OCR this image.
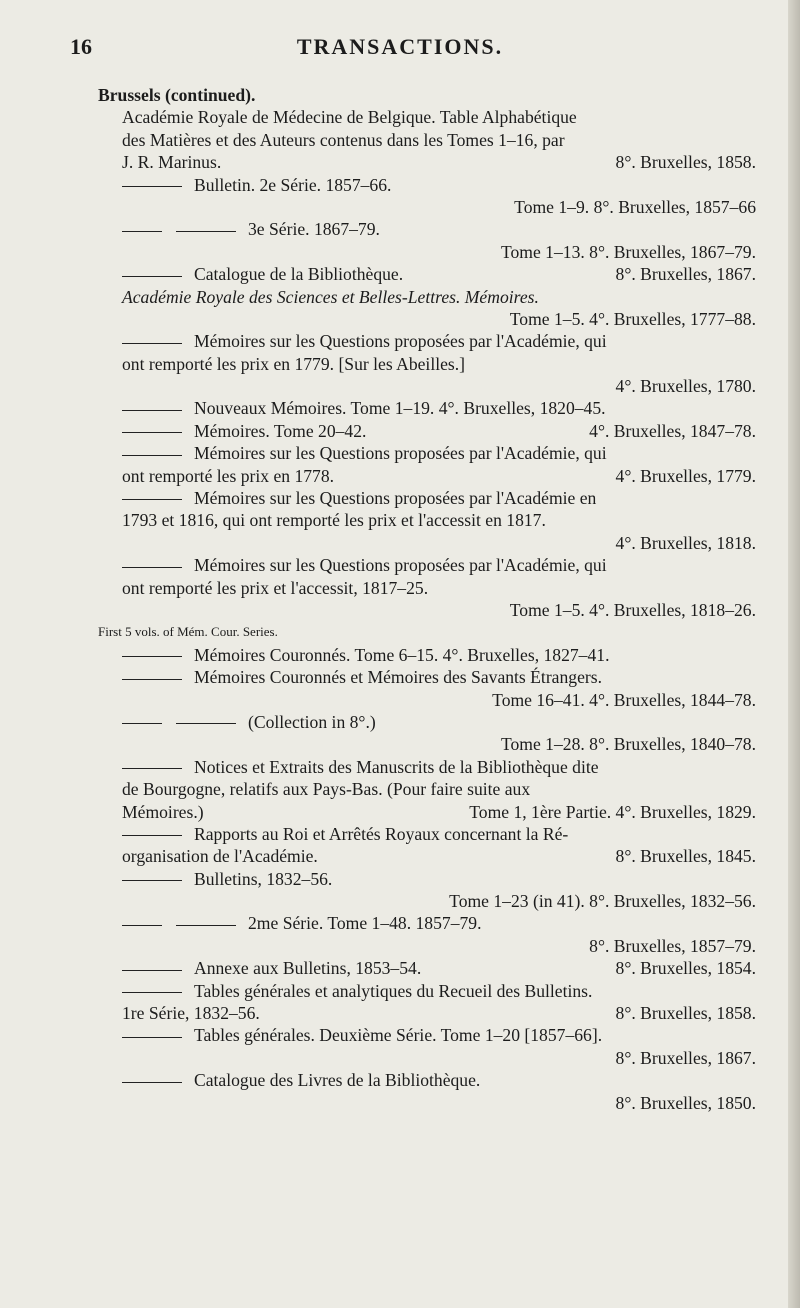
16	TRANSACTIONS.
Brussels (continued).
Académie Royale de Médecine de Belgique. Table Alphabétique
des Matières et des Auteurs contenus dans les Tomes 1–16, par
J. R. Marinus.	8°. Bruxelles, 1858.
Bulletin. 2e Série. 1857–66.
Tome 1–9. 8°. Bruxelles, 1857–66
3e Série. 1867–79.
Tome 1–13. 8°. Bruxelles, 1867–79.
Catalogue de la Bibliothèque.	8°. Bruxelles, 1867.
Académie Royale des Sciences et Belles-Lettres. Mémoires.
Tome 1–5. 4°. Bruxelles, 1777–88.
Mémoires sur les Questions proposées par l'Académie, qui
ont remporté les prix en 1779. [Sur les Abeilles.]
4°. Bruxelles, 1780.
Nouveaux Mémoires. Tome 1–19. 4°. Bruxelles, 1820–45.
Mémoires. Tome 20–42.	4°. Bruxelles, 1847–78.
Mémoires sur les Questions proposées par l'Académie, qui
ont remporté les prix en 1778.	4°. Bruxelles, 1779.
Mémoires sur les Questions proposées par l'Académie en
1793 et 1816, qui ont remporté les prix et l'accessit en 1817.
4°. Bruxelles, 1818.
Mémoires sur les Questions proposées par l'Académie, qui
ont remporté les prix et l'accessit, 1817–25.
Tome 1–5. 4°. Bruxelles, 1818–26.
First 5 vols. of Mém. Cour. Series.
Mémoires Couronnés. Tome 6–15. 4°. Bruxelles, 1827–41.
Mémoires Couronnés et Mémoires des Savants Étrangers.
Tome 16–41. 4°. Bruxelles, 1844–78.
(Collection in 8°.)
Tome 1–28. 8°. Bruxelles, 1840–78.
Notices et Extraits des Manuscrits de la Bibliothèque dite
de Bourgogne, relatifs aux Pays-Bas. (Pour faire suite aux
Mémoires.)	Tome 1, 1ère Partie. 4°. Bruxelles, 1829.
Rapports au Roi et Arrêtés Royaux concernant la Ré-
organisation de l'Académie.	8°. Bruxelles, 1845.
Bulletins, 1832–56.
Tome 1–23 (in 41). 8°. Bruxelles, 1832–56.
2me Série. Tome 1–48. 1857–79.
8°. Bruxelles, 1857–79.
Annexe aux Bulletins, 1853–54.	8°. Bruxelles, 1854.
Tables générales et analytiques du Recueil des Bulletins.
1re Série, 1832–56.	8°. Bruxelles, 1858.
Tables générales. Deuxième Série. Tome 1–20 [1857–66].
8°. Bruxelles, 1867.
Catalogue des Livres de la Bibliothèque.
8°. Bruxelles, 1850.
